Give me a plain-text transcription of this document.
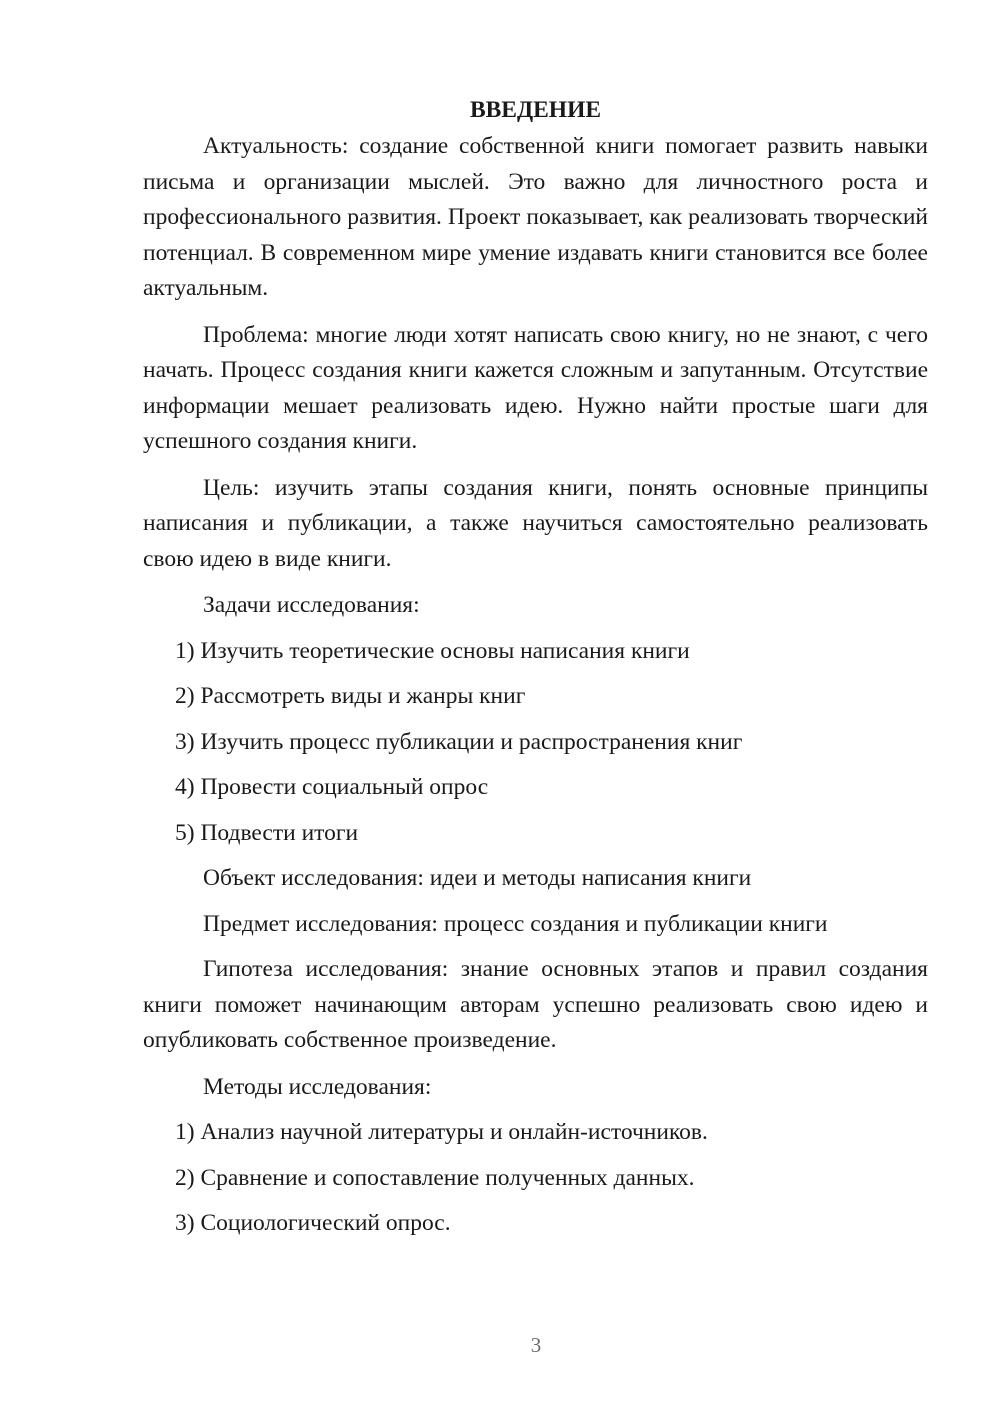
ВВЕДЕНИЕ

Актуальность: создание собственной книги помогает развить навыки письма и организации мыслей. Это важно для личностного роста и профессионального развития. Проект показывает, как реализовать творческий потенциал. В современном мире умение издавать книги становится все более актуальным.

Проблема: многие люди хотят написать свою книгу, но не знают, с чего начать. Процесс создания книги кажется сложным и запутанным. Отсутствие информации мешает реализовать идею. Нужно найти простые шаги для успешного создания книги.

Цель: изучить этапы создания книги, понять основные принципы написания и публикации, а также научиться самостоятельно реализовать свою идею в виде книги.

Задачи исследования:
1) Изучить теоретические основы написания книги
2) Рассмотреть виды и жанры книг
3) Изучить процесс публикации и распространения книг
4) Провести социальный опрос
5) Подвести итоги
Объект исследования: идеи и методы написания книги
Предмет исследования: процесс создания и публикации книги

Гипотеза исследования: знание основных этапов и правил создания книги поможет начинающим авторам успешно реализовать свою идею и опубликовать собственное произведение.

Методы исследования:
1) Анализ научной литературы и онлайн-источников.
2) Сравнение и сопоставление полученных данных.
3) Социологический опрос.
3
